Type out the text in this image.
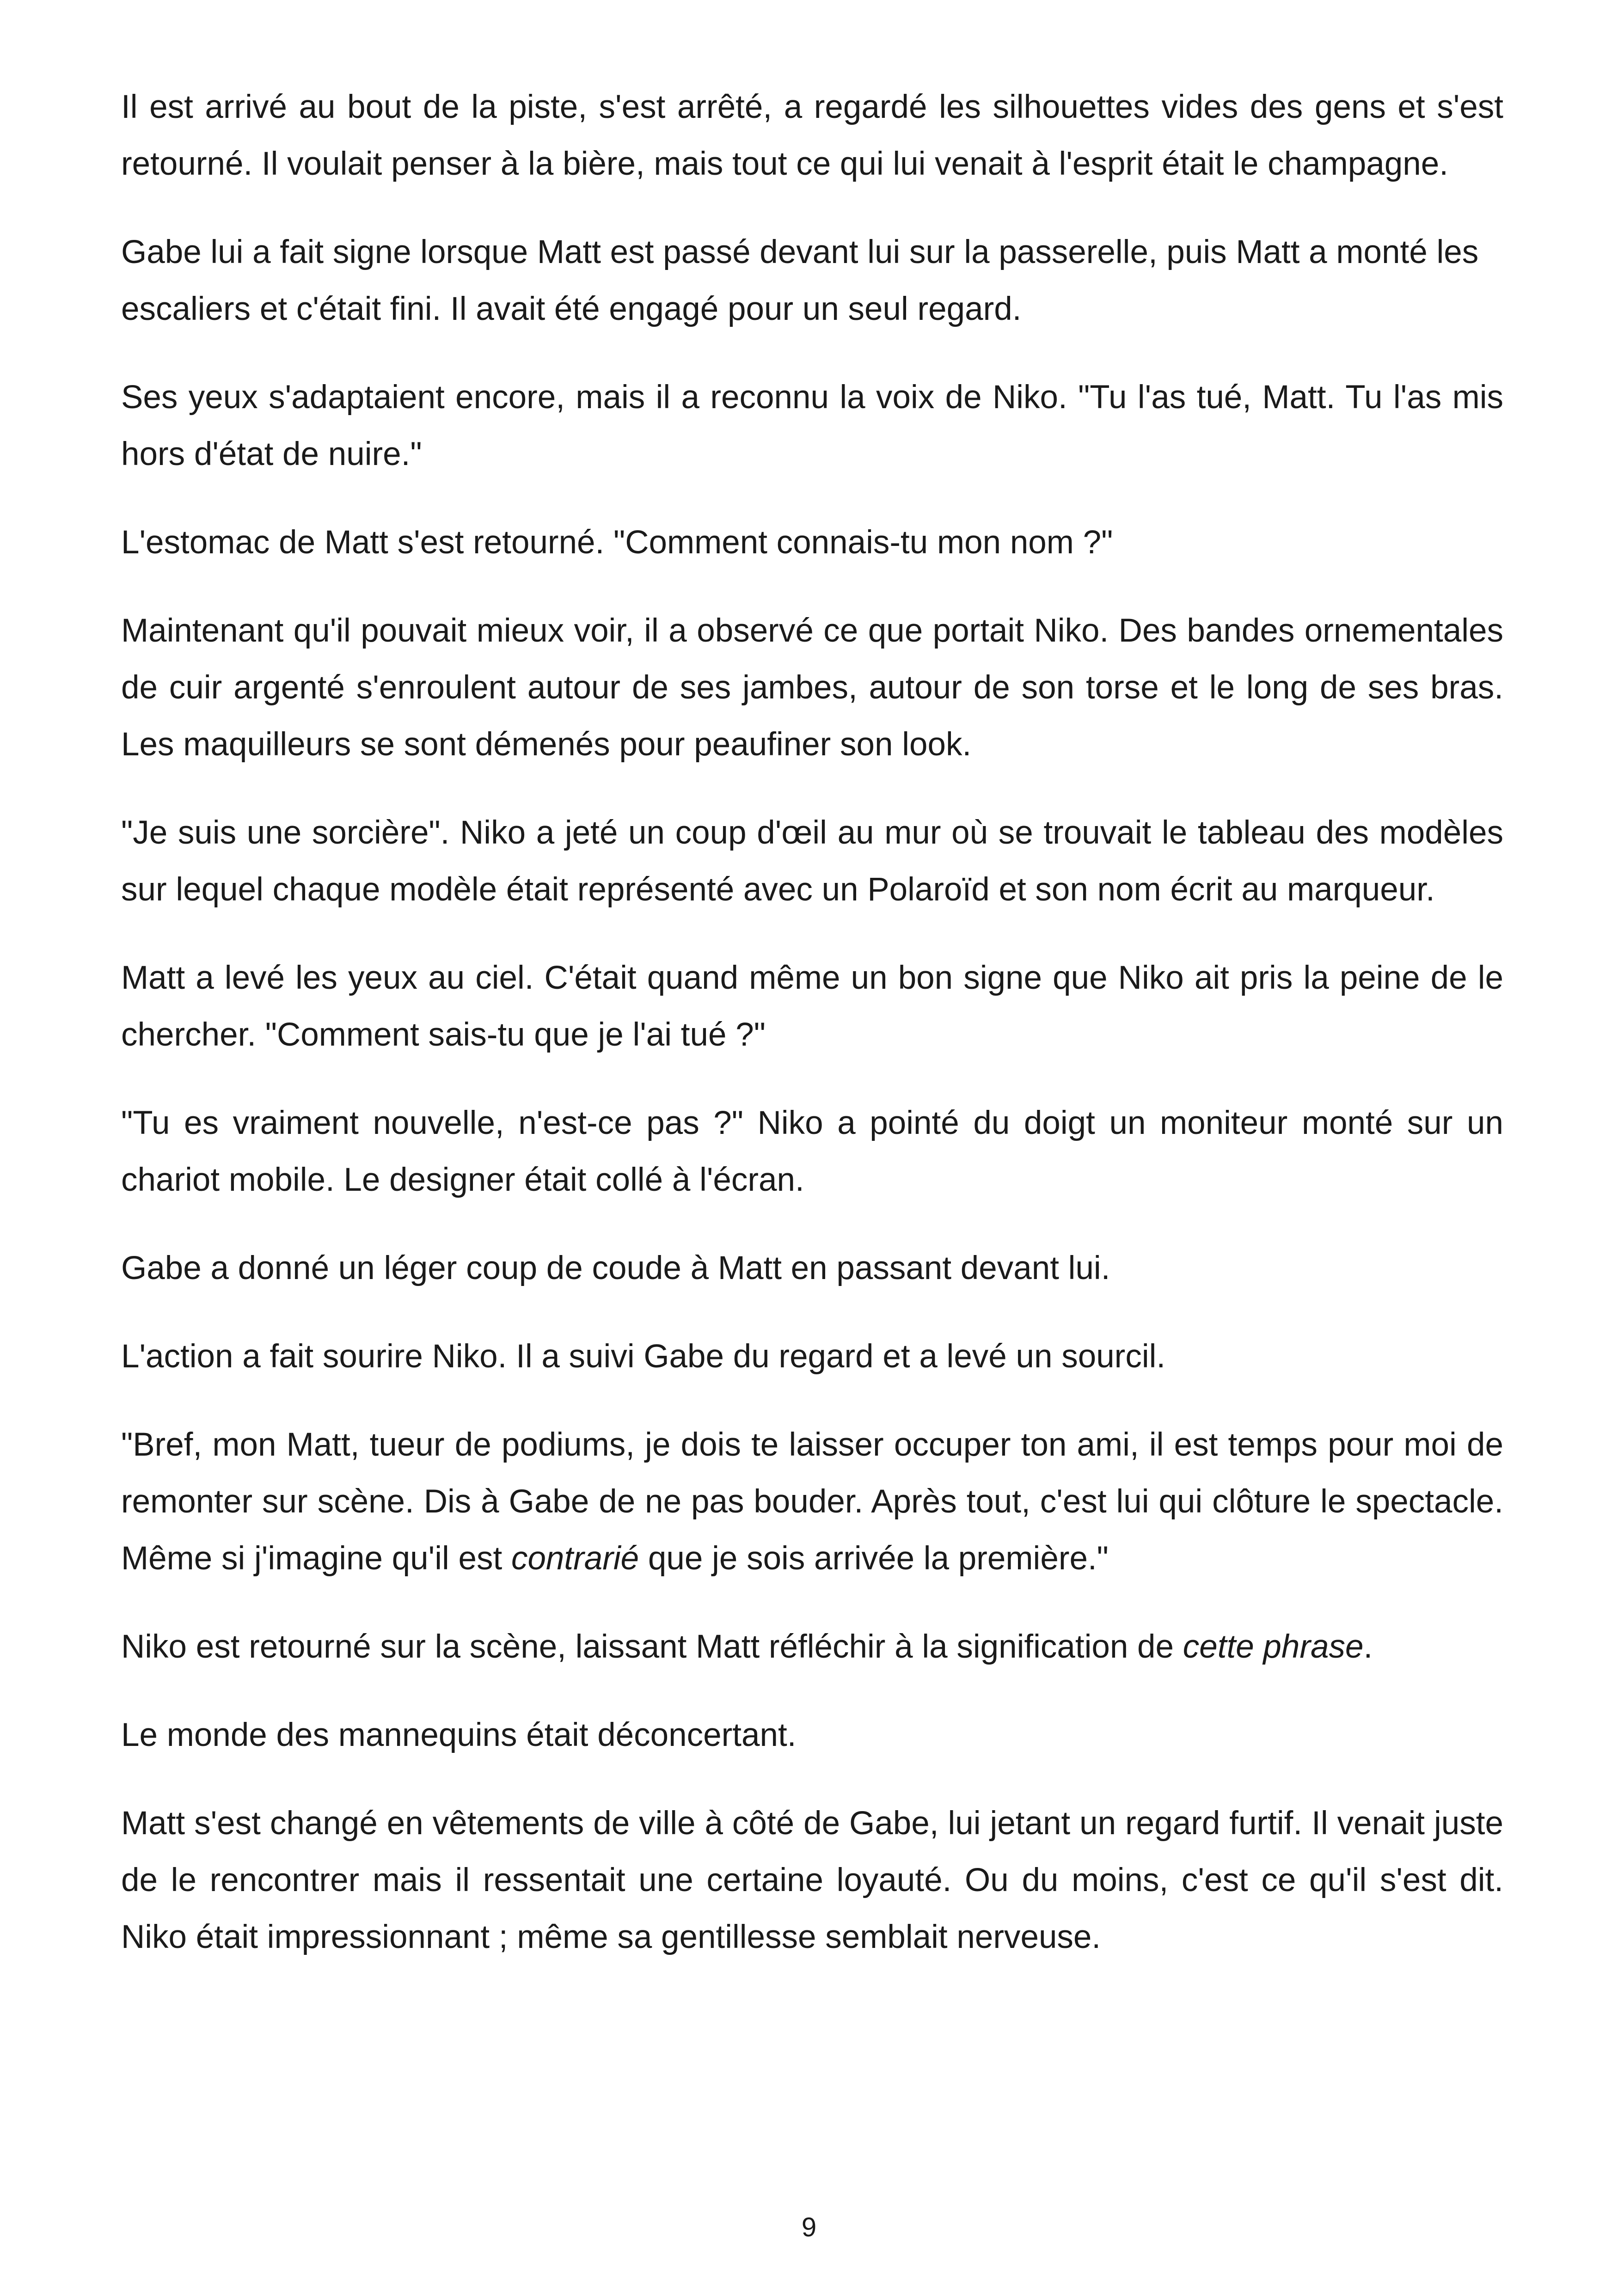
Il est arrivé au bout de la piste, s'est arrêté, a regardé les silhouettes vides des gens et s'est retourné. Il voulait penser à la bière, mais tout ce qui lui venait à l'esprit était le champagne.

Gabe lui a fait signe lorsque Matt est passé devant lui sur la passerelle, puis Matt a monté les escaliers et c'était fini. Il avait été engagé pour un seul regard.

Ses yeux s'adaptaient encore, mais il a reconnu la voix de Niko. "Tu l'as tué, Matt. Tu l'as mis hors d'état de nuire."

L'estomac de Matt s'est retourné. "Comment connais-tu mon nom ?"

Maintenant qu'il pouvait mieux voir, il a observé ce que portait Niko. Des bandes ornementales de cuir argenté s'enroulent autour de ses jambes, autour de son torse et le long de ses bras. Les maquilleurs se sont démenés pour peaufiner son look.

"Je suis une sorcière". Niko a jeté un coup d'œil au mur où se trouvait le tableau des modèles sur lequel chaque modèle était représenté avec un Polaroïd et son nom écrit au marqueur.

Matt a levé les yeux au ciel. C'était quand même un bon signe que Niko ait pris la peine de le chercher. "Comment sais-tu que je l'ai tué ?"

"Tu es vraiment nouvelle, n'est-ce pas ?" Niko a pointé du doigt un moniteur monté sur un chariot mobile. Le designer était collé à l'écran.

Gabe a donné un léger coup de coude à Matt en passant devant lui.

L'action a fait sourire Niko. Il a suivi Gabe du regard et a levé un sourcil.

"Bref, mon Matt, tueur de podiums, je dois te laisser occuper ton ami, il est temps pour moi de remonter sur scène. Dis à Gabe de ne pas bouder. Après tout, c'est lui qui clôture le spectacle. Même si j'imagine qu'il est contrarié que je sois arrivée la première."

Niko est retourné sur la scène, laissant Matt réfléchir à la signification de cette phrase.

Le monde des mannequins était déconcertant.

Matt s'est changé en vêtements de ville à côté de Gabe, lui jetant un regard furtif. Il venait juste de le rencontrer mais il ressentait une certaine loyauté. Ou du moins, c'est ce qu'il s'est dit. Niko était impressionnant ; même sa gentillesse semblait nerveuse.

9
